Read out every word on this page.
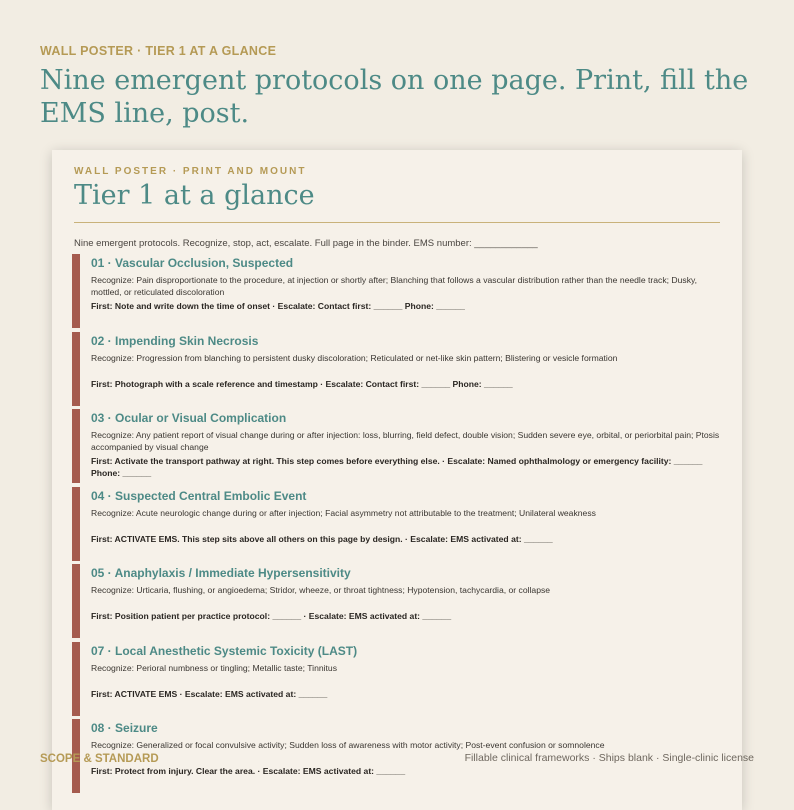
WALL POSTER · TIER 1 AT A GLANCE
Nine emergent protocols on one page. Print, fill the EMS line, post.
WALL POSTER · PRINT AND MOUNT
Tier 1 at a glance
Nine emergent protocols. Recognize, stop, act, escalate. Full page in the binder. EMS number: ____________
01 · Vascular Occlusion, Suspected
Recognize: Pain disproportionate to the procedure, at injection or shortly after; Blanching that follows a vascular distribution rather than the needle track; Dusky, mottled, or reticulated discoloration
First: Note and write down the time of onset · Escalate: Contact first: ______ Phone: ______
02 · Impending Skin Necrosis
Recognize: Progression from blanching to persistent dusky discoloration; Reticulated or net-like skin pattern; Blistering or vesicle formation
First: Photograph with a scale reference and timestamp · Escalate: Contact first: ______ Phone: ______
03 · Ocular or Visual Complication
Recognize: Any patient report of visual change during or after injection: loss, blurring, field defect, double vision; Sudden severe eye, orbital, or periorbital pain; Ptosis accompanied by visual change
First: Activate the transport pathway at right. This step comes before everything else. · Escalate: Named ophthalmology or emergency facility: ______ Phone: ______
04 · Suspected Central Embolic Event
Recognize: Acute neurologic change during or after injection; Facial asymmetry not attributable to the treatment; Unilateral weakness
First: ACTIVATE EMS. This step sits above all others on this page by design. · Escalate: EMS activated at: ______
05 · Anaphylaxis / Immediate Hypersensitivity
Recognize: Urticaria, flushing, or angioedema; Stridor, wheeze, or throat tightness; Hypotension, tachycardia, or collapse
First: Position patient per practice protocol: ______ · Escalate: EMS activated at: ______
07 · Local Anesthetic Systemic Toxicity (LAST)
Recognize: Perioral numbness or tingling; Metallic taste; Tinnitus
First: ACTIVATE EMS · Escalate: EMS activated at: ______
08 · Seizure
Recognize: Generalized or focal convulsive activity; Sudden loss of awareness with motor activity; Post-event confusion or somnolence
First: Protect from injury. Clear the area. · Escalate: EMS activated at: ______
SCOPE & STANDARD	Fillable clinical frameworks · Ships blank · Single-clinic license
